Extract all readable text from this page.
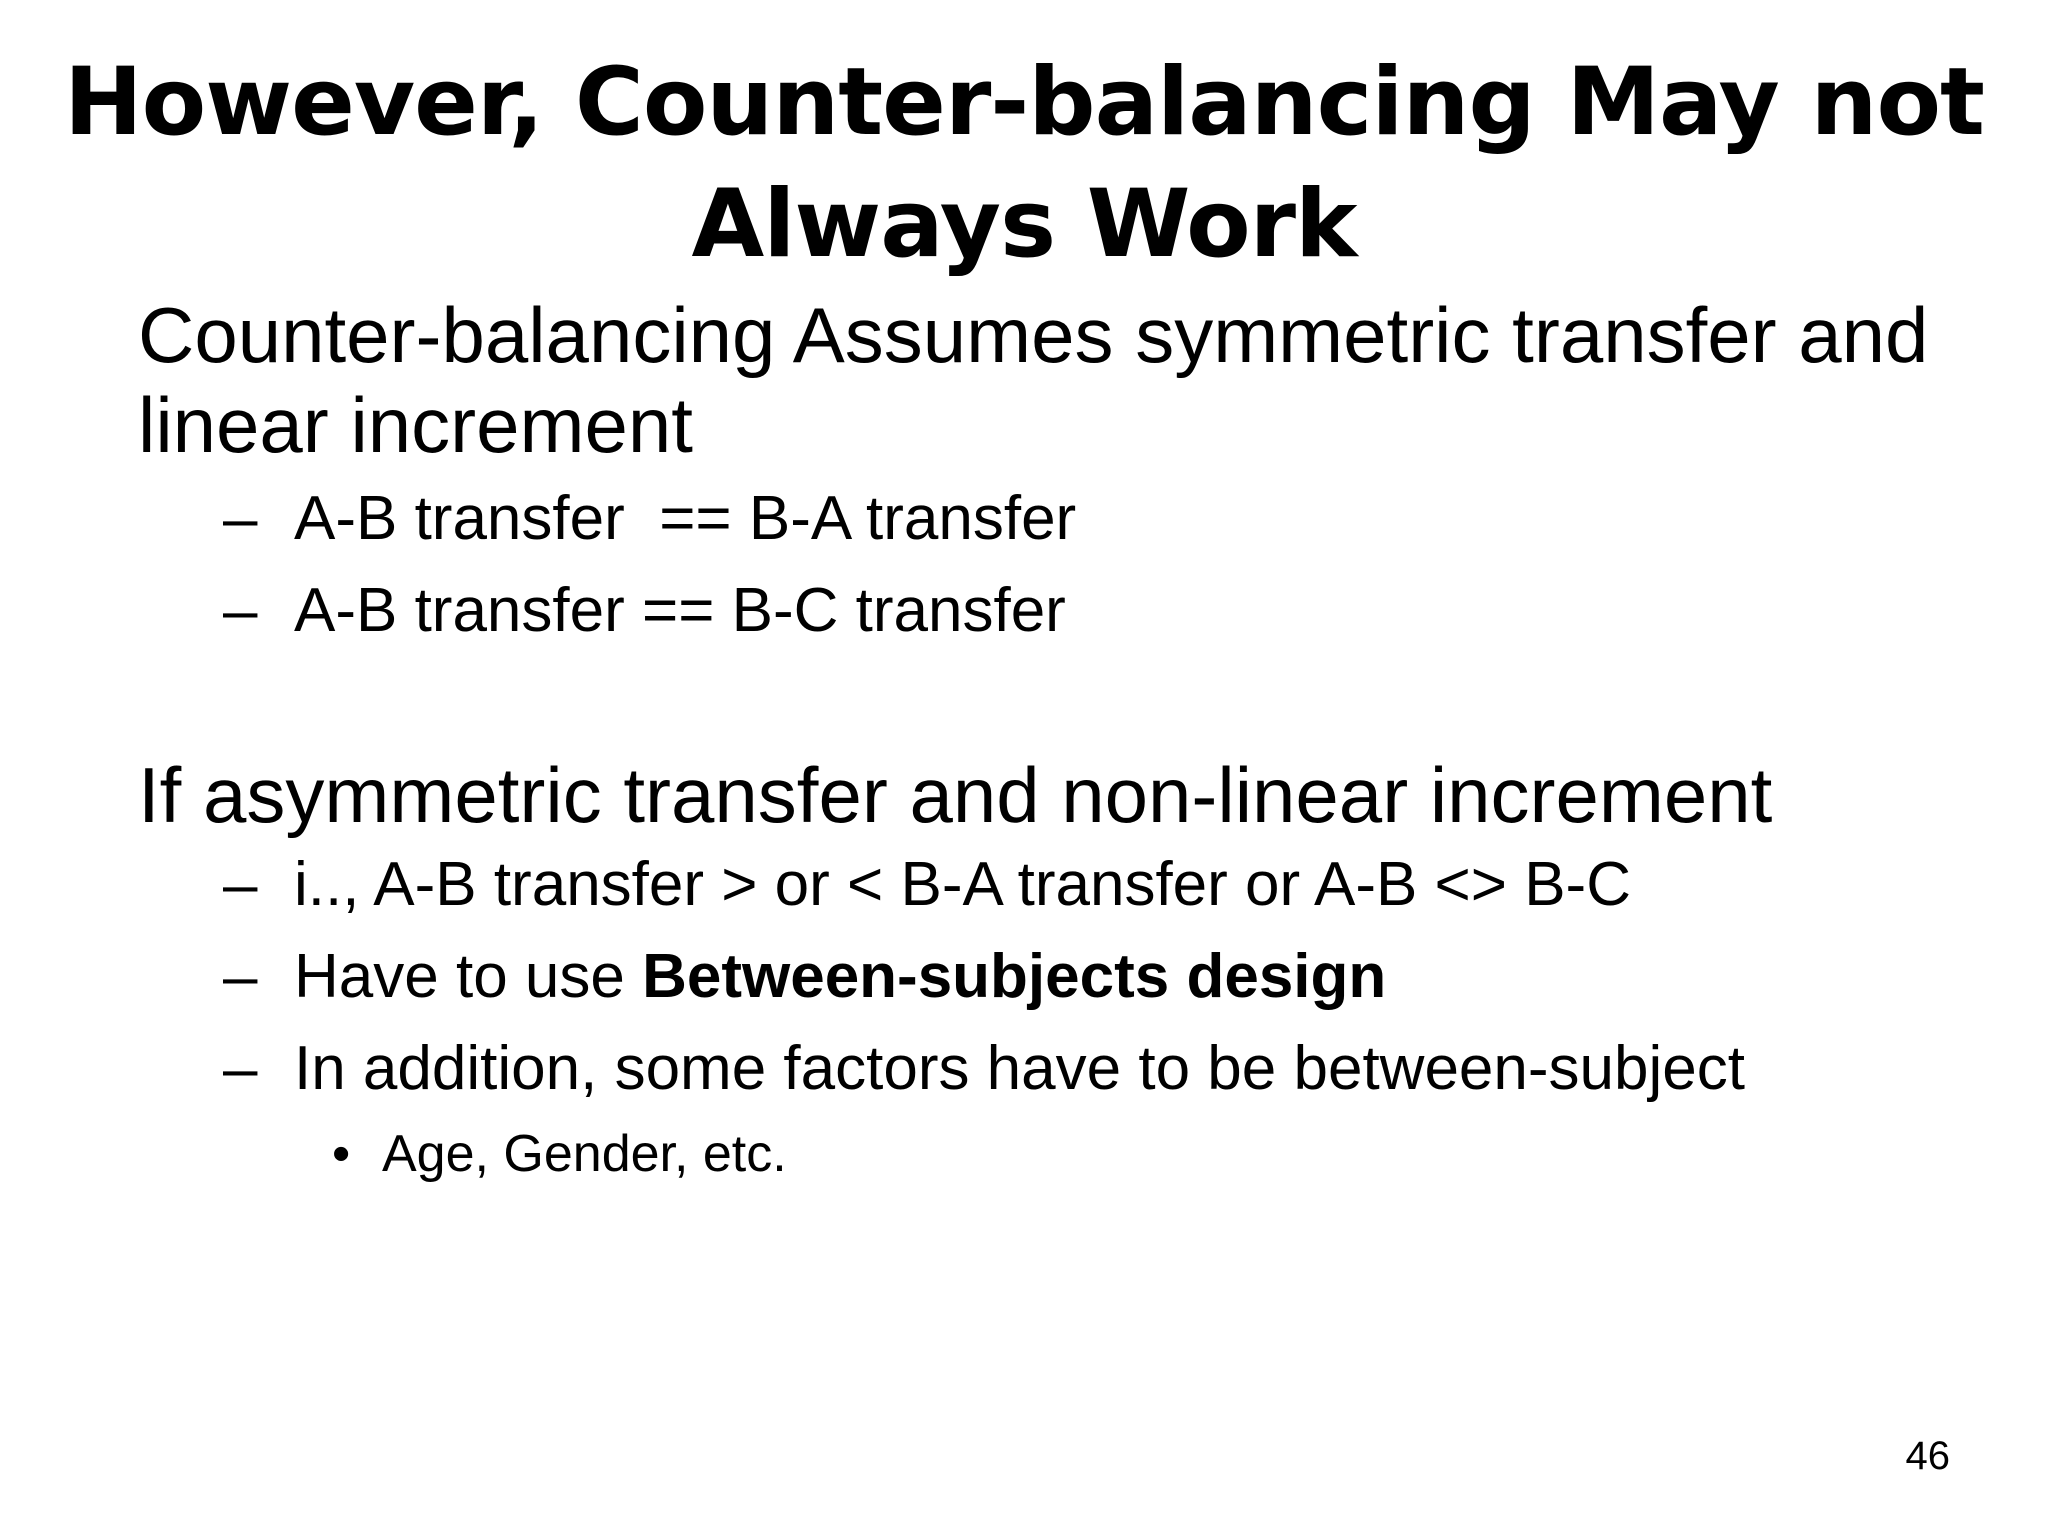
However, Counter-balancing May not
Always Work
Counter-balancing Assumes symmetric transfer and
linear increment
– A-B transfer  == B-A transfer
– A-B transfer == B-C transfer
If asymmetric transfer and non-linear increment
– i.., A-B transfer > or < B-A transfer or A-B <> B-C
– Have to use Between-subjects design
– In addition, some factors have to be between-subject
• Age, Gender, etc.
46
